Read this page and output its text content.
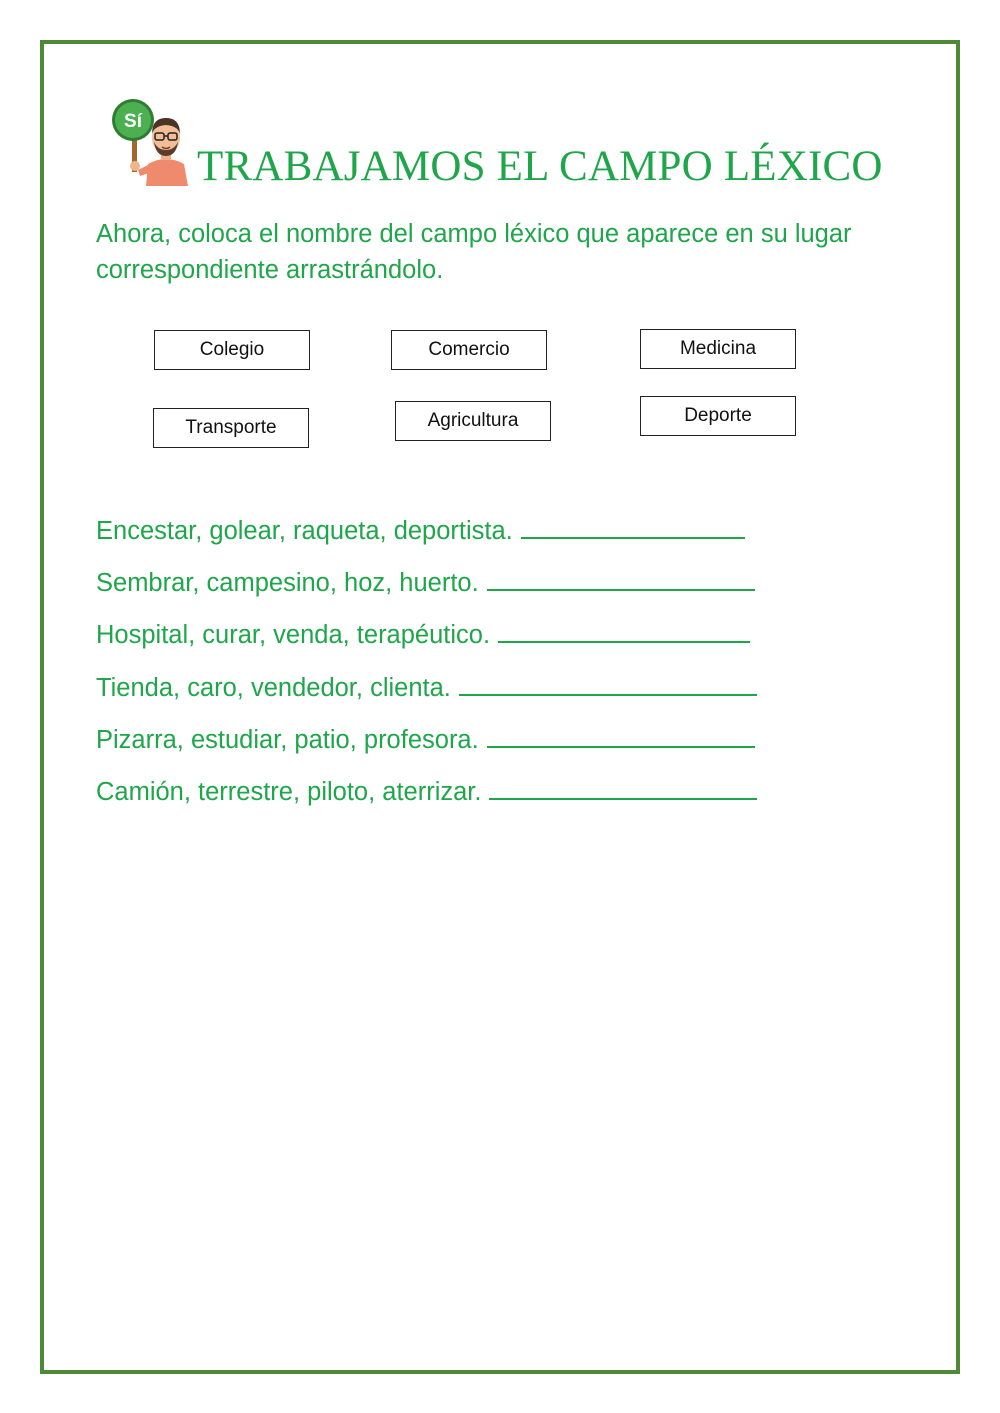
Sí
TRABAJAMOS EL CAMPO LÉXICO
Ahora, coloca el nombre del campo léxico que aparece en su lugar correspondiente arrastrándolo.
Colegio	Comercio	Medicina
Transporte	Agricultura	Deporte
Encestar, golear, raqueta, deportista.
Sembrar, campesino, hoz, huerto.
Hospital, curar, venda, terapéutico.
Tienda, caro, vendedor, clienta.
Pizarra, estudiar, patio, profesora.
Camión, terrestre, piloto, aterrizar.
